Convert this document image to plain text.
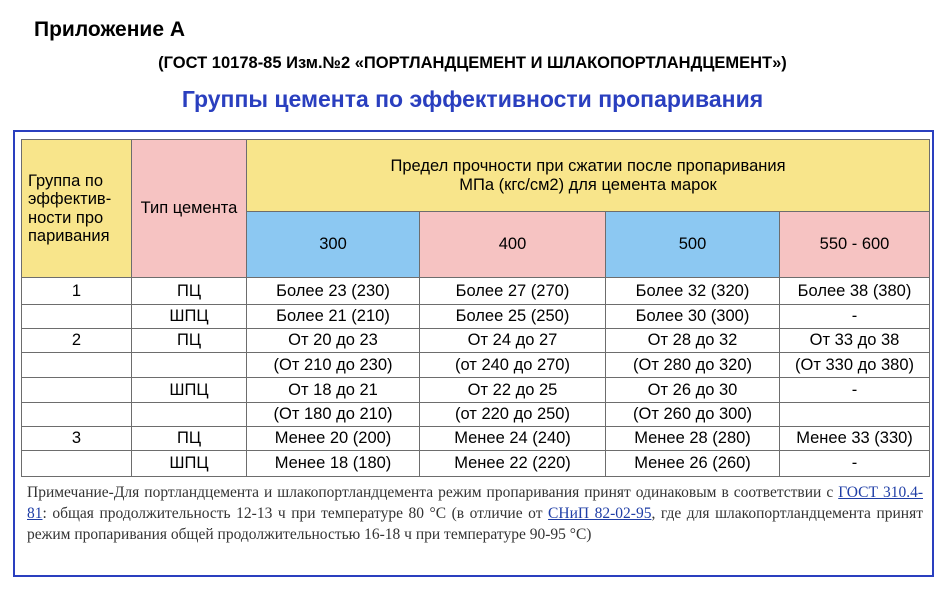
Приложение А
(ГОСТ 10178-85 Изм.№2 «ПОРТЛАНДЦЕМЕНТ И ШЛАКОПОРТЛАНДЦЕМЕНТ»)
Группы цемента по эффективности пропаривания
Группа по эффектив-ности про паривания	Тип цемента	Предел прочности при сжатии после пропаривания
МПа (кгс/см2) для цемента марок			

		300	400	500	550 - 600
1	ПЦ	Более 23 (230)	Более 27 (270)	Более 32 (320)	Более 38 (380)
	ШПЦ	Более 21 (210)	Более 25 (250)	Более 30 (300)	-
2	ПЦ	От 20 до 23	От 24 до 27	От 28 до 32	От 33 до 38
		(От 210 до 230)	(от 240 до 270)	(От 280 до 320)	(От 330 до 380)
	ШПЦ	От 18 до 21	От 22 до 25	От 26 до 30	-
		(От 180 до 210)	(от 220 до 250)	(От 260 до 300)	
3	ПЦ	Менее 20 (200)	Менее 24 (240)	Менее 28 (280)	Менее 33 (330)
	ШПЦ	Менее 18 (180)	Менее 22 (220)	Менее 26 (260)	-
Примечание-Для портландцемента и шлакопортландцемента режим пропаривания принят одинаковым в соответствии с ГОСТ 310.4-81: общая продолжительность 12-13 ч при температуре 80 °С (в отличие от СНиП 82-02-95, где для шлакопортландцемента принят режим пропаривания общей продолжительностью 16-18 ч при температуре 90-95 °С)
